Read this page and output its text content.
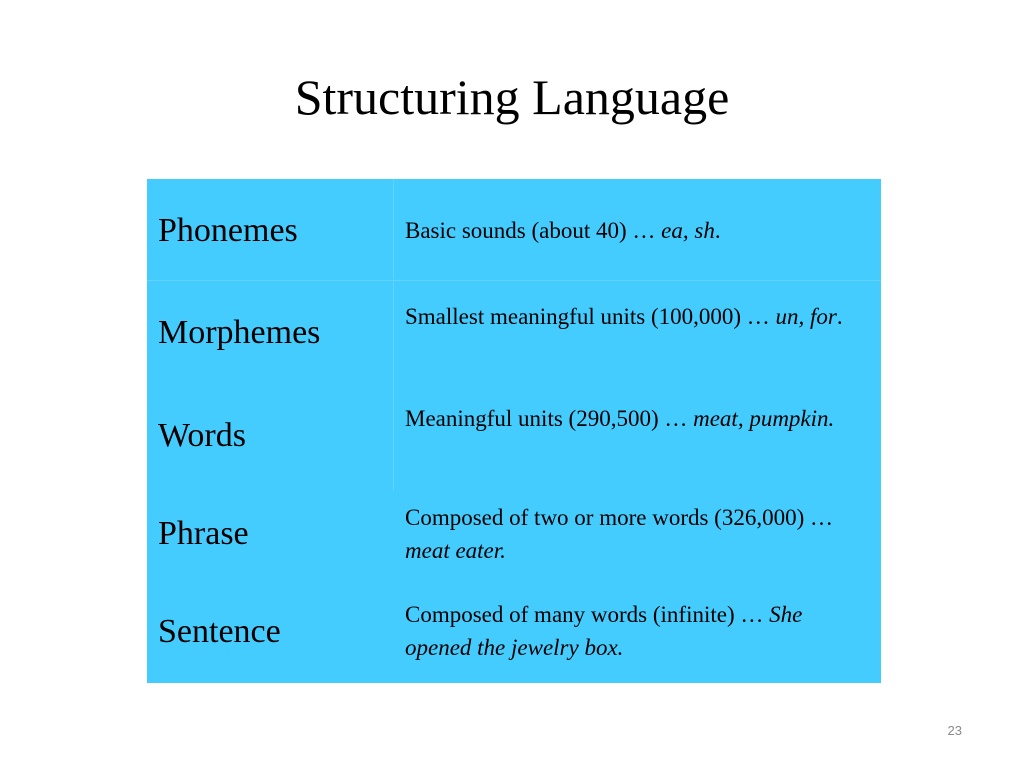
Structuring Language
Phonemes	Basic sounds (about 40) … ea, sh.
Morphemes	Smallest meaningful units (100,000) … un, for.
Words	Meaningful units (290,500) … meat, pumpkin.
Phrase	Composed of two or more words (326,000) … meat eater.
Sentence	Composed of many words (infinite) … She opened the jewelry box.
23
